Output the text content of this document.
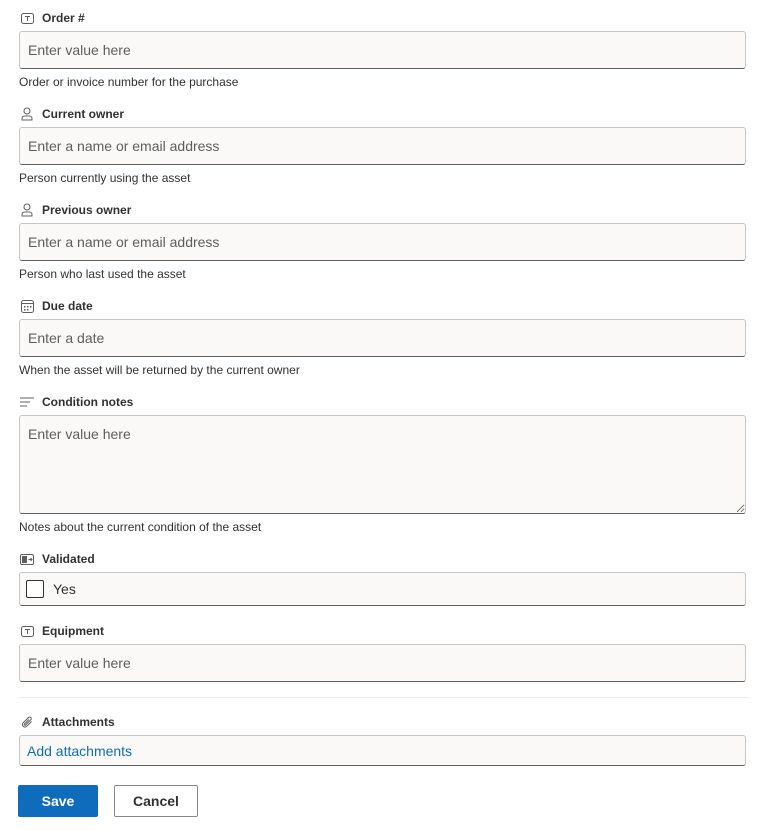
Order #
Enter value here
Order or invoice number for the purchase
Current owner
Enter a name or email address
Person currently using the asset
Previous owner
Enter a name or email address
Person who last used the asset
Due date
Enter a date
When the asset will be returned by the current owner
Condition notes
Enter value here
Notes about the current condition of the asset
Validated
Yes
Equipment
Enter value here
Attachments
Add attachments
Save	Cancel
